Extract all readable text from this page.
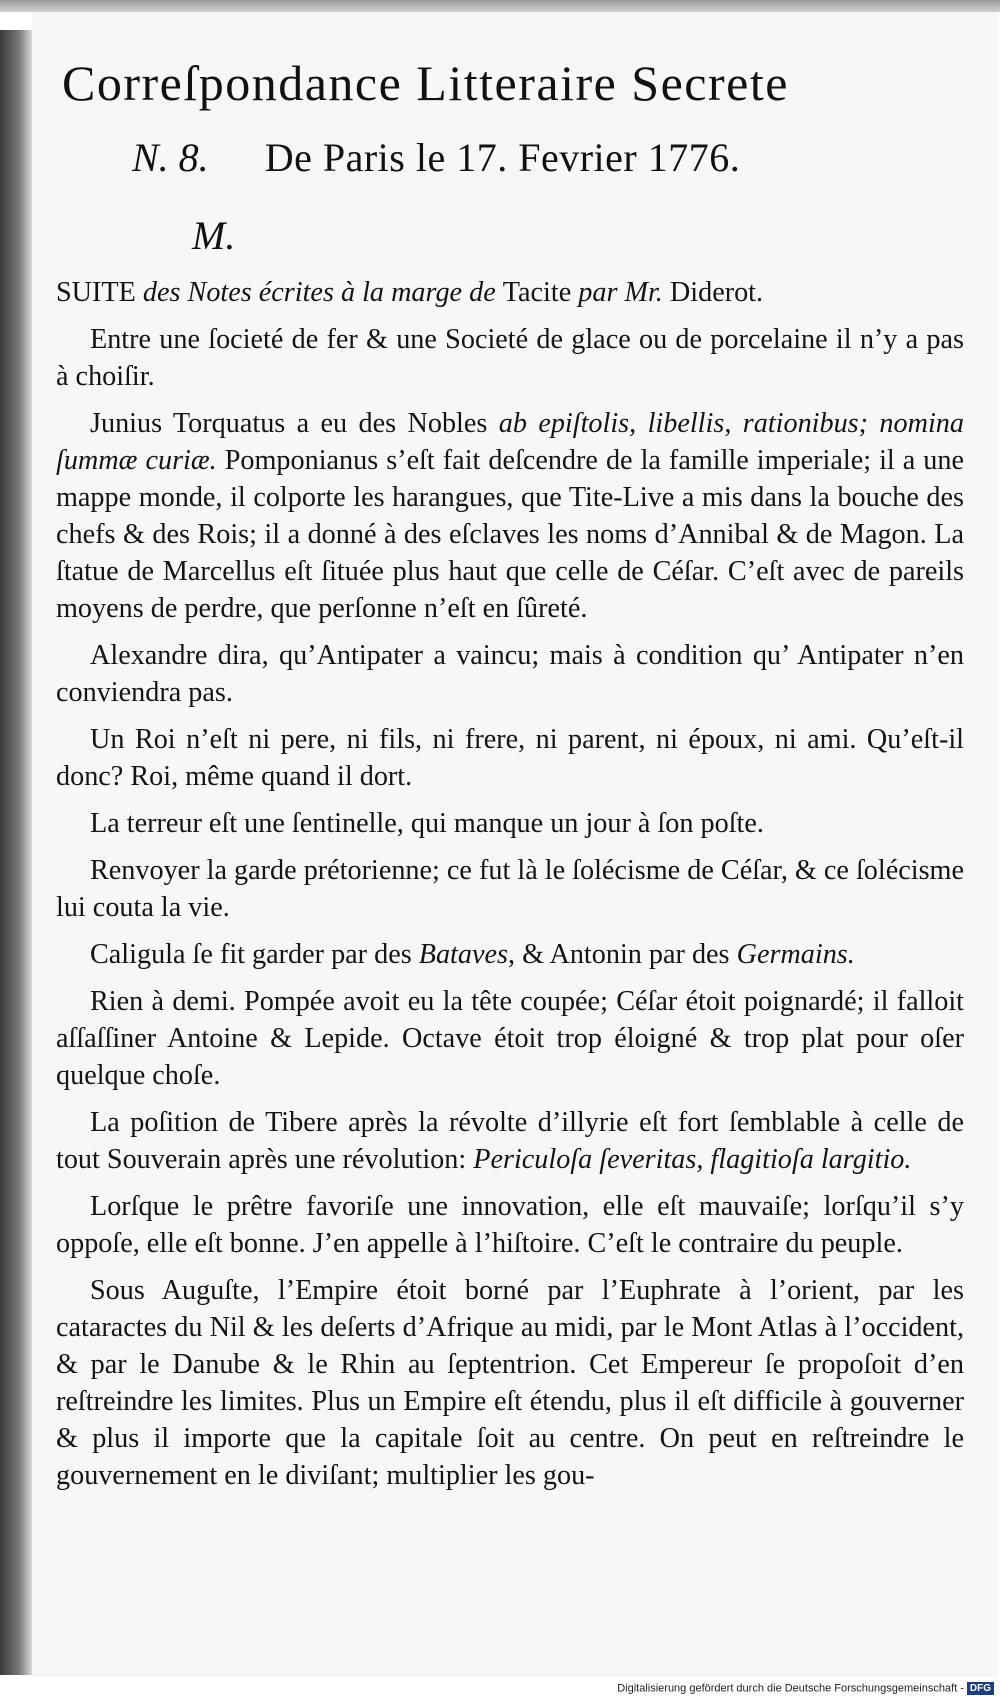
Correſpondance Litteraire Secrete
N. 8. De Paris le 17. Fevrier 1776.
M.

SUITE des Notes écrites à la marge de Tacite par Mr. Diderot.

Entre une ſocieté de fer & une Societé de glace ou de porcelaine il n’y a pas à choiſir.

Junius Torquatus a eu des Nobles ab epiſtolis, libellis, rationibus; nomina ſummæ curiæ. Pomponianus s’eſt fait deſcendre de la famille imperiale; il a une mappe monde, il colporte les harangues, que Tite-Live a mis dans la bouche des chefs & des Rois; il a donné à des eſclaves les noms d’Annibal & de Magon. La ſtatue de Marcellus eſt ſituée plus haut que celle de Céſar. C’eſt avec de pareils moyens de perdre, que perſonne n’eſt en ſûreté.

Alexandre dira, qu’Antipater a vaincu; mais à condition qu’ Antipater n’en conviendra pas.

Un Roi n’eſt ni pere, ni fils, ni frere, ni parent, ni époux, ni ami. Qu’eſt-il donc? Roi, même quand il dort.

La terreur eſt une ſentinelle, qui manque un jour à ſon poſte.

Renvoyer la garde prétorienne; ce fut là le ſolécisme de Céſar, & ce ſolécisme lui couta la vie.

Caligula ſe fit garder par des Bataves, & Antonin par des Germains.

Rien à demi. Pompée avoit eu la tête coupée; Céſar étoit poignardé; il falloit aſſaſſiner Antoine & Lepide. Octave étoit trop éloigné & trop plat pour oſer quelque choſe.

La poſition de Tibere après la révolte d’illyrie eſt fort ſemblable à celle de tout Souverain après une révolution: Periculoſa ſeveritas, flagitioſa largitio.

Lorſque le prêtre favoriſe une innovation, elle eſt mauvaiſe; lorſqu’il s’y oppoſe, elle eſt bonne. J’en appelle à l’hiſtoire. C’eſt le contraire du peuple.

Sous Auguſte, l’Empire étoit borné par l’Euphrate à l’orient, par les cataractes du Nil & les deſerts d’Afrique au midi, par le Mont Atlas à l’occident, & par le Danube & le Rhin au ſeptentrion. Cet Empereur ſe propoſoit d’en reſtreindre les limites. Plus un Empire eſt étendu, plus il eſt difficile à gouverner & plus il importe que la capitale ſoit au centre. On peut en reſtreindre le gouvernement en le diviſant; multiplier les gou-

Digitalisierung gefördert durch die Deutsche Forschungsgemeinschaft - DFG
